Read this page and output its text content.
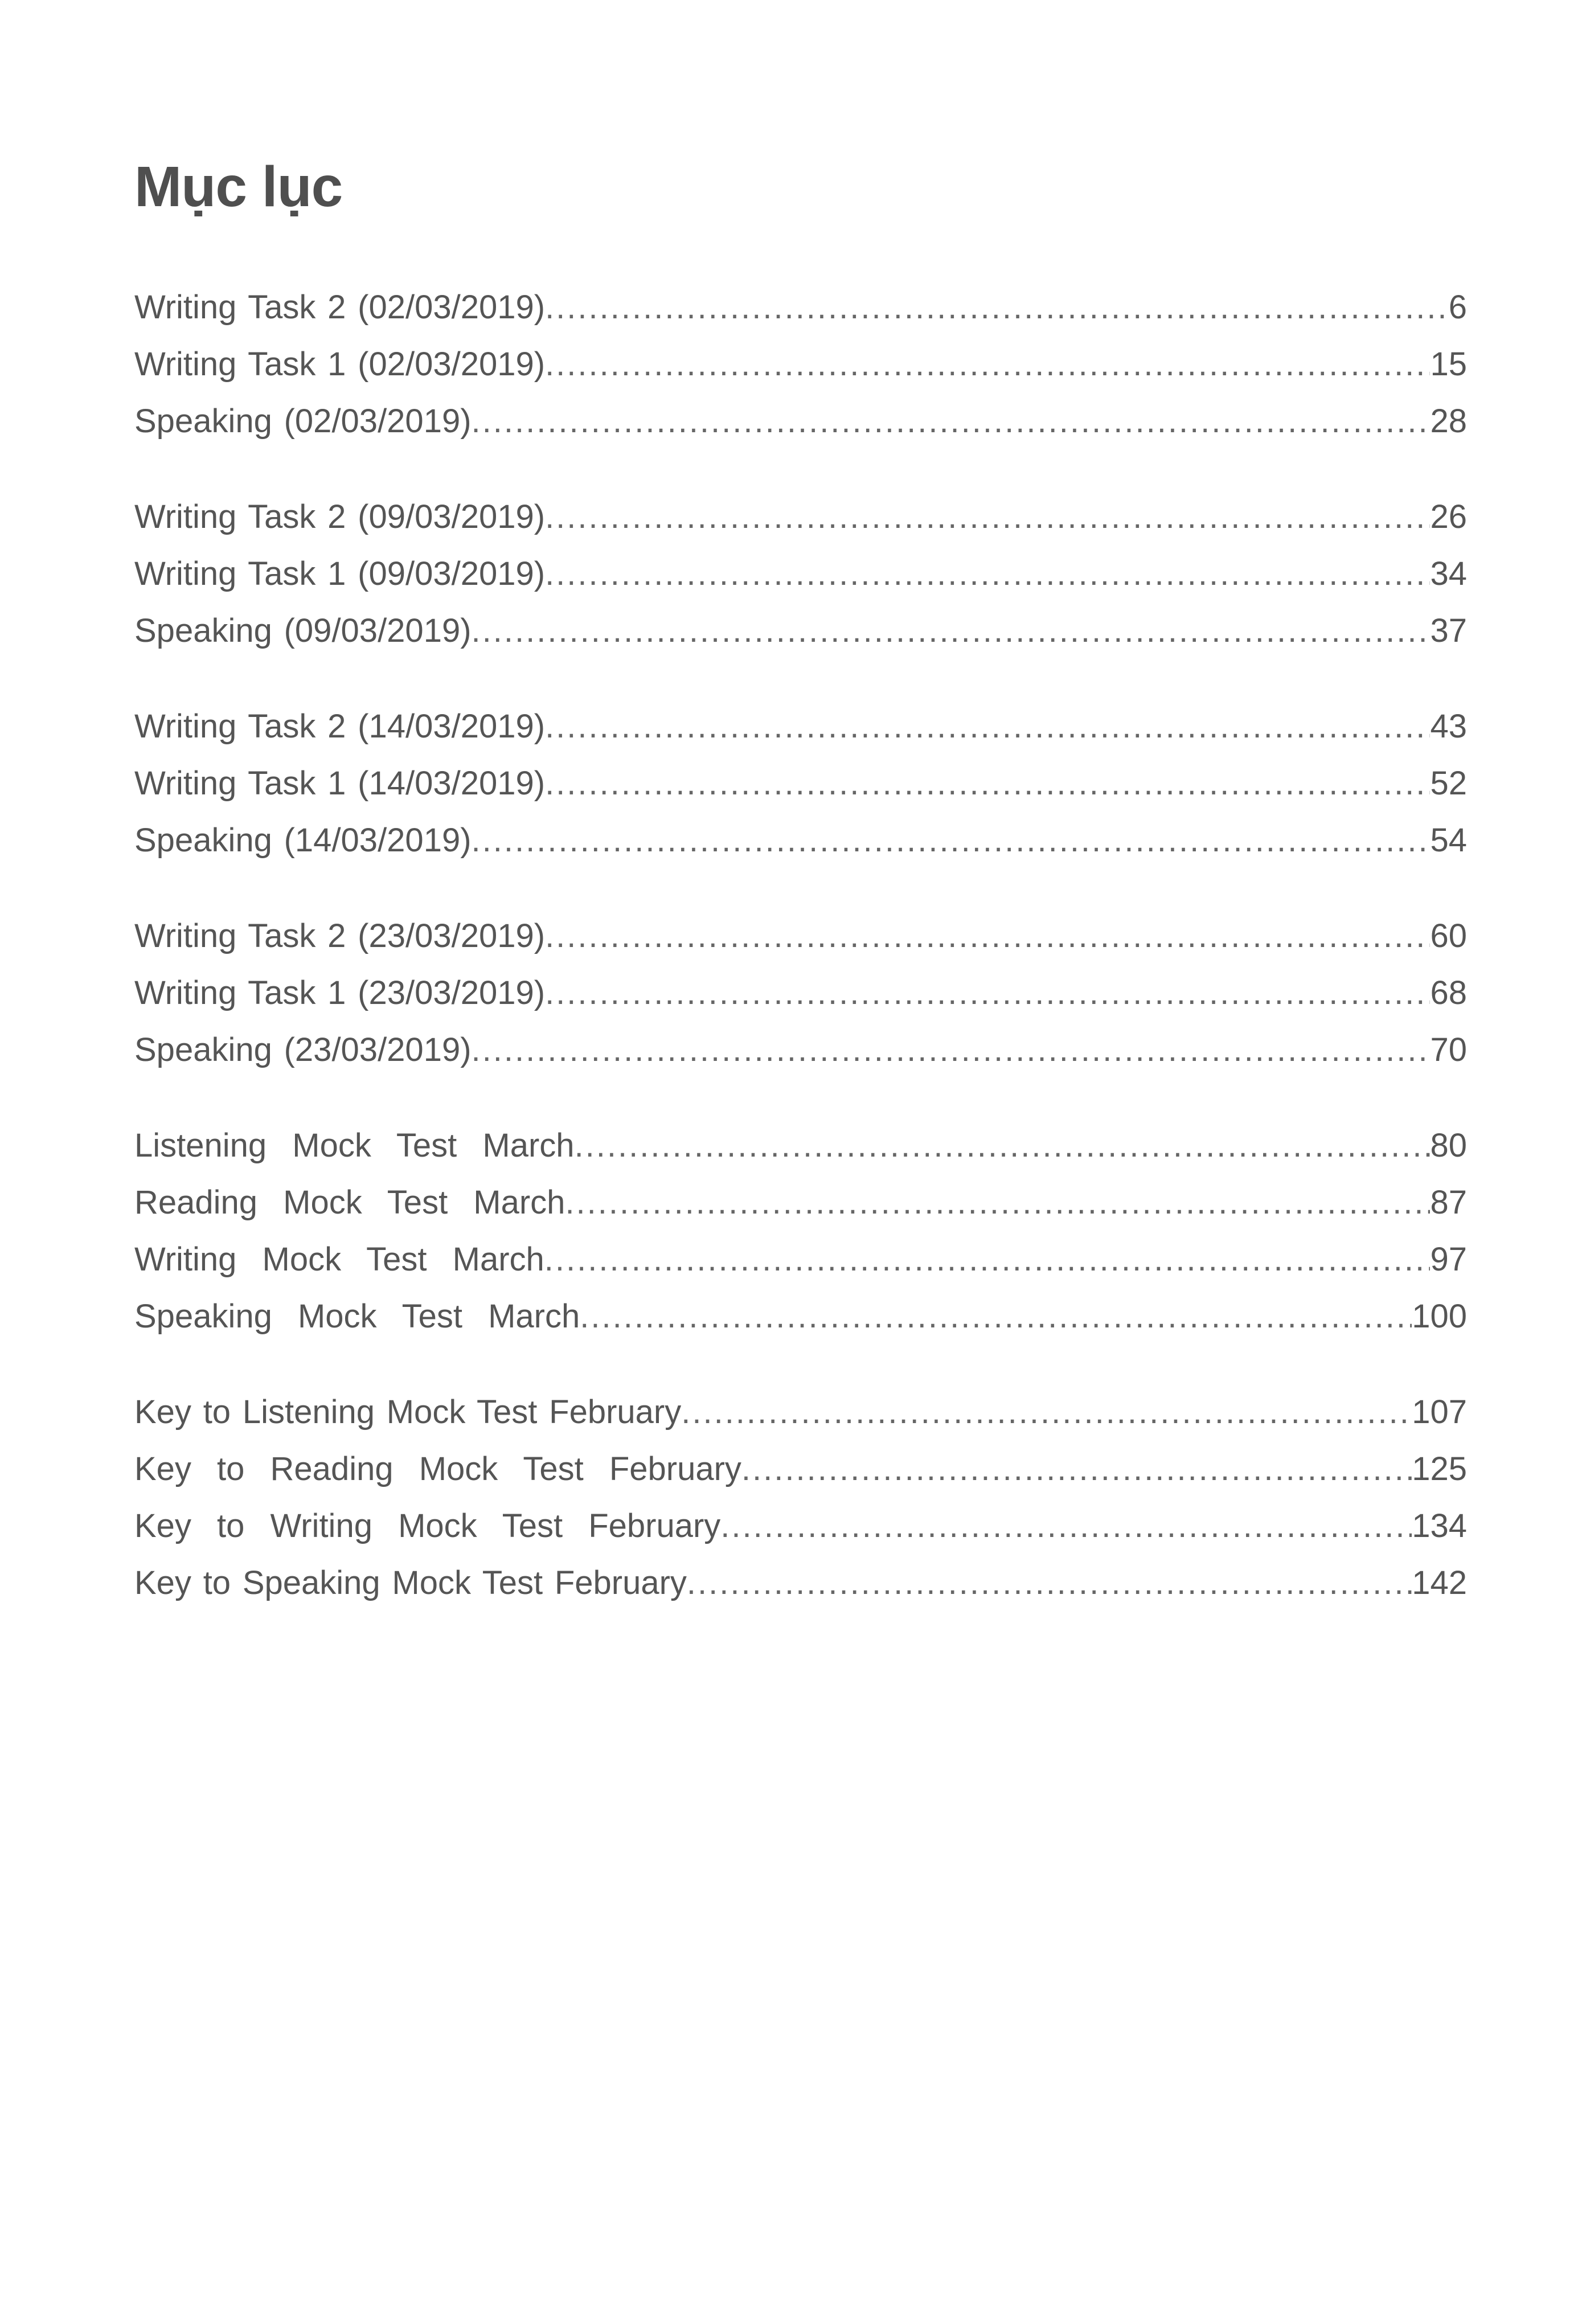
Mục lục
Writing Task 2 (02/03/2019) .....	6
Writing Task 1 (02/03/2019) .....	15
Speaking (02/03/2019) .....	28
Writing Task 2 (09/03/2019) .....	26
Writing Task 1 (09/03/2019) .....	34
Speaking (09/03/2019) .....	37
Writing Task 2 (14/03/2019) .....	43
Writing Task 1 (14/03/2019) .....	52
Speaking (14/03/2019) .....	54
Writing Task 2 (23/03/2019) .....	60
Writing Task 1 (23/03/2019) .....	68
Speaking (23/03/2019) .....	70
Listening Mock Test March .....	80
Reading Mock Test March .....	87
Writing Mock Test March .....	97
Speaking Mock Test March .....	100
Key to Listening Mock Test February .....	107
Key to Reading Mock Test February .....	125
Key to Writing Mock Test February .....	134
Key to Speaking Mock Test February .....	142
